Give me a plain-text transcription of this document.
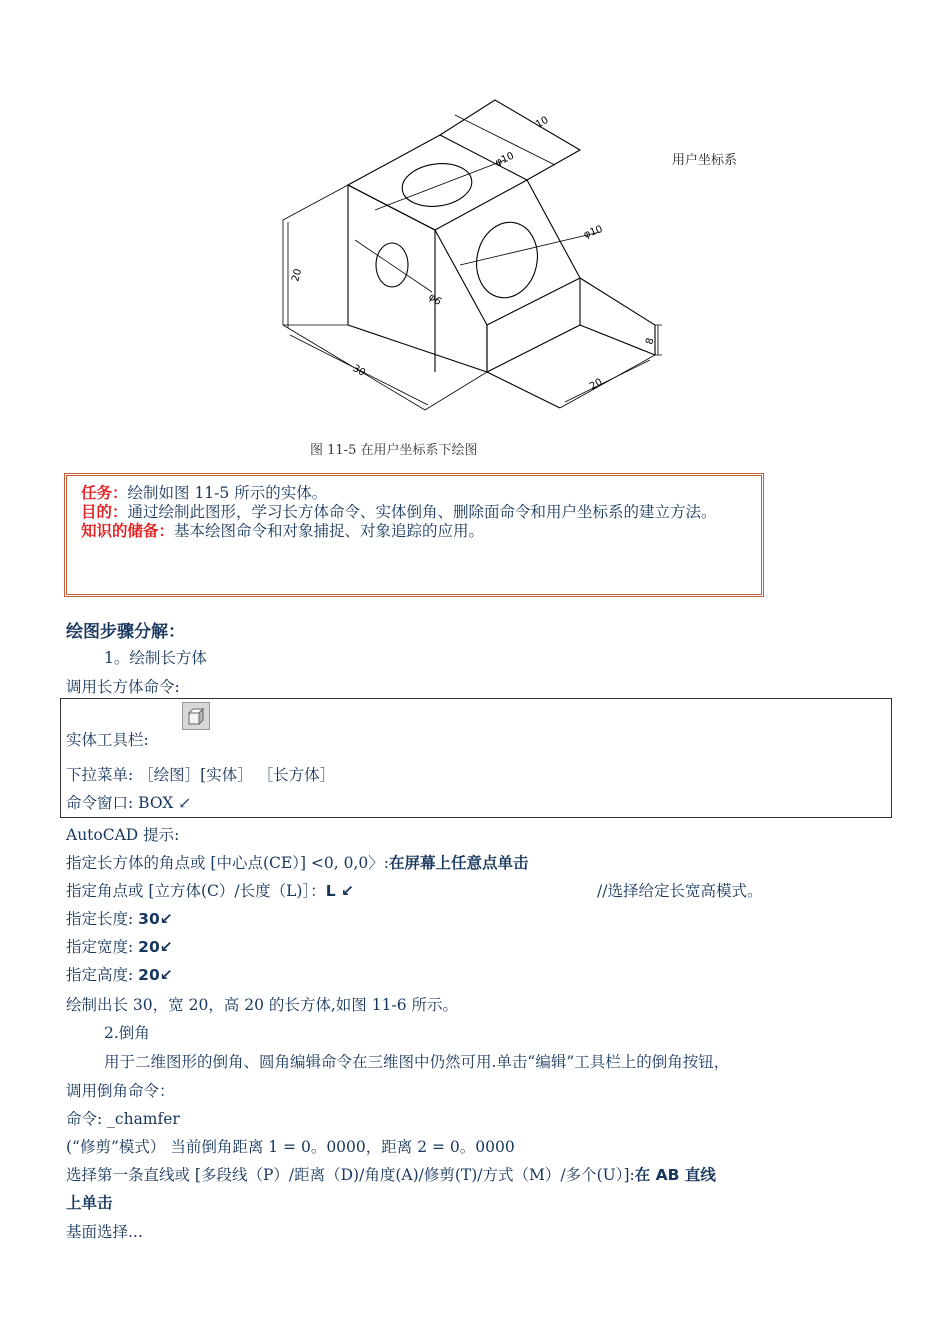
10
φ10
φ10
φ6
20
30
20
8
用户坐标系
图 11-5 在用户坐标系下绘图
任务：绘制如图 11-5 所示的实体。
目的：通过绘制此图形，学习长方体命令、实体倒角、删除面命令和用户坐标系的建立方法。
知识的储备：基本绘图命令和对象捕捉、对象追踪的应用。
绘图步骤分解：
1。绘制长方体
调用长方体命令:
实体工具栏:
下拉菜单: ［绘图］[实体］ ［长方体］
命令窗口: BOX ↙
AutoCAD 提示:
指定长方体的角点或 [中心点(CE）] <0, 0,0〉:在屏幕上任意点单击
指定角点或 [立方体(C）/长度（L)］：L ↙	//选择给定长宽高模式。
指定长度: 30↙
指定宽度: 20↙
指定高度: 20↙
绘制出长 30，宽 20，高 20 的长方体,如图 11-6 所示。
2.倒角
用于二维图形的倒角、圆角编辑命令在三维图中仍然可用.单击“编辑”工具栏上的倒角按钮，
调用倒角命令：
命令: _chamfer
(“修剪”模式） 当前倒角距离 1 = 0。0000，距离 2 = 0。0000
选择第一条直线或 [多段线（P）/距离（D)/角度(A)/修剪(T)/方式（M）/多个(U）]:在 AB 直线
上单击
基面选择...
